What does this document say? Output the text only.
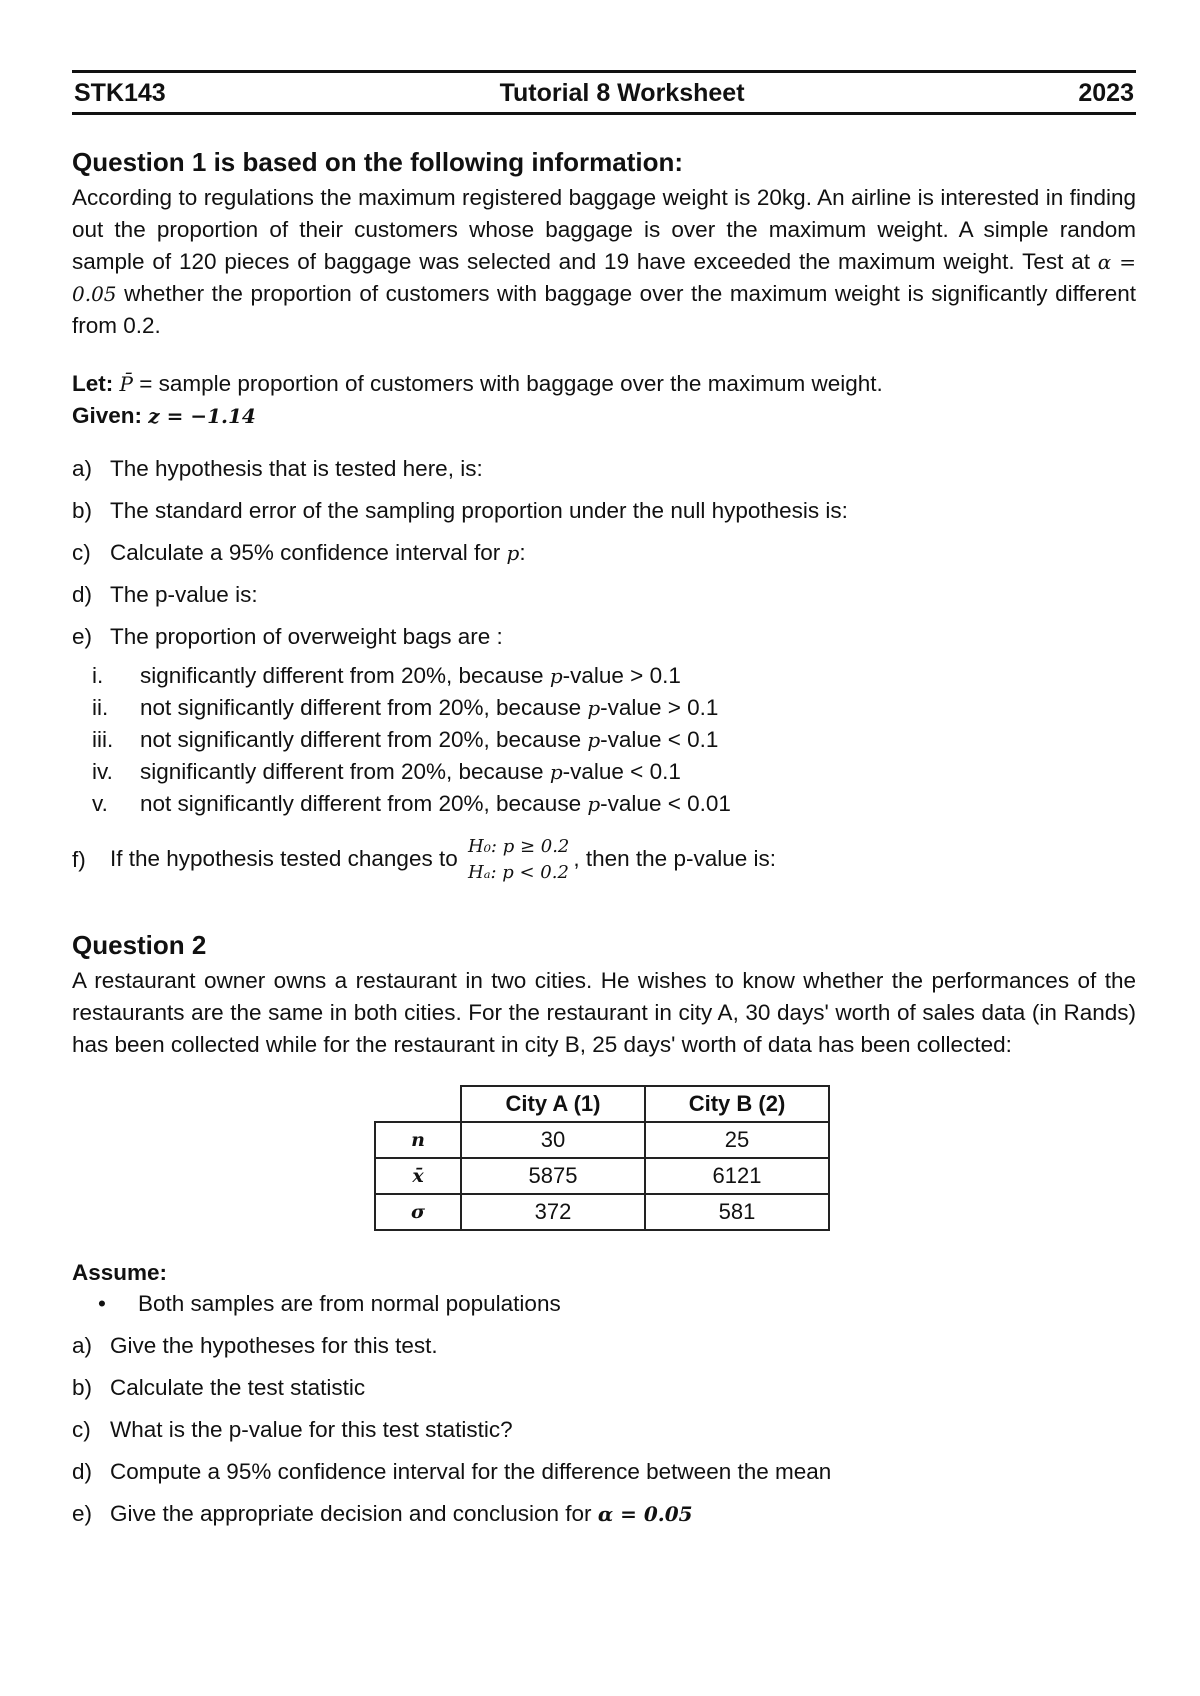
STK143	Tutorial 8 Worksheet	2023
Question 1 is based on the following information:
According to regulations the maximum registered baggage weight is 20kg. An airline is interested in finding out the proportion of their customers whose baggage is over the maximum weight. A simple random sample of 120 pieces of baggage was selected and 19 have exceeded the maximum weight. Test at α = 0.05 whether the proportion of customers with baggage over the maximum weight is significantly different from 0.2.
Let: P̄ = sample proportion of customers with baggage over the maximum weight.
Given: z = −1.14
a) The hypothesis that is tested here, is:
b) The standard error of the sampling proportion under the null hypothesis is:
c) Calculate a 95% confidence interval for p:
d) The p-value is:
e) The proportion of overweight bags are :
i.	significantly different from 20%, because p-value > 0.1
ii.	not significantly different from 20%, because p-value > 0.1
iii.	not significantly different from 20%, because p-value < 0.1
iv.	significantly different from 20%, because p-value < 0.1
v.	not significantly different from 20%, because p-value < 0.01
f)	If the hypothesis tested changes to H₀: p ≥ 0.2
Hₐ: p < 0.2
, then the p-value is:
Question 2
A restaurant owner owns a restaurant in two cities. He wishes to know whether the performances of the restaurants are the same in both cities. For the restaurant in city A, 30 days' worth of sales data (in Rands) has been collected while for the restaurant in city B, 25 days' worth of data has been collected:
	City A (1)	City B (2)
n	30	25
x̄	5875	6121
σ	372	581
Assume:
•	Both samples are from normal populations
a) Give the hypotheses for this test.
b) Calculate the test statistic
c) What is the p-value for this test statistic?
d) Compute a 95% confidence interval for the difference between the mean
e) Give the appropriate decision and conclusion for α = 0.05
